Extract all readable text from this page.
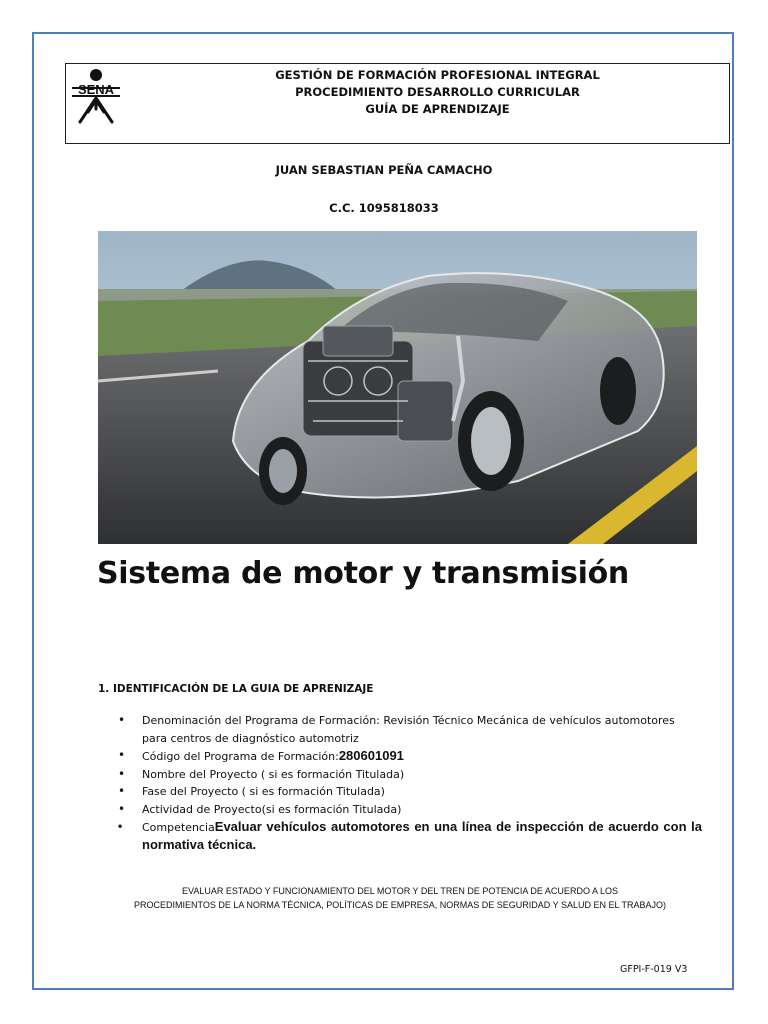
SENA
GESTIÓN DE FORMACIÓN PROFESIONAL INTEGRAL
PROCEDIMIENTO DESARROLLO CURRICULAR
GUÍA DE APRENDIZAJE
JUAN SEBASTIAN PEÑA CAMACHO
C.C. 1095818033
Sistema de motor y transmisión
1. IDENTIFICACIÓN DE LA GUIA DE APRENIZAJE
• Denominación del Programa de Formación: Revisión Técnico Mecánica de vehículos automotores para centros de diagnóstico automotriz
• Código del Programa de Formación:280601091
• Nombre del Proyecto ( si es formación Titulada)
• Fase del Proyecto ( si es formación Titulada)
• Actividad de Proyecto(si es formación Titulada)
• CompetenciaEvaluar vehículos automotores en una línea de inspección de acuerdo con la normativa técnica.
EVALUAR ESTADO Y FUNCIONAMIENTO DEL MOTOR Y DEL TREN DE POTENCIA DE ACUERDO A LOS
PROCEDIMIENTOS DE LA NORMA TÉCNICA, POLÍTICAS DE EMPRESA, NORMAS DE SEGURIDAD Y SALUD EN EL TRABAJO)
GFPI-F-019 V3
